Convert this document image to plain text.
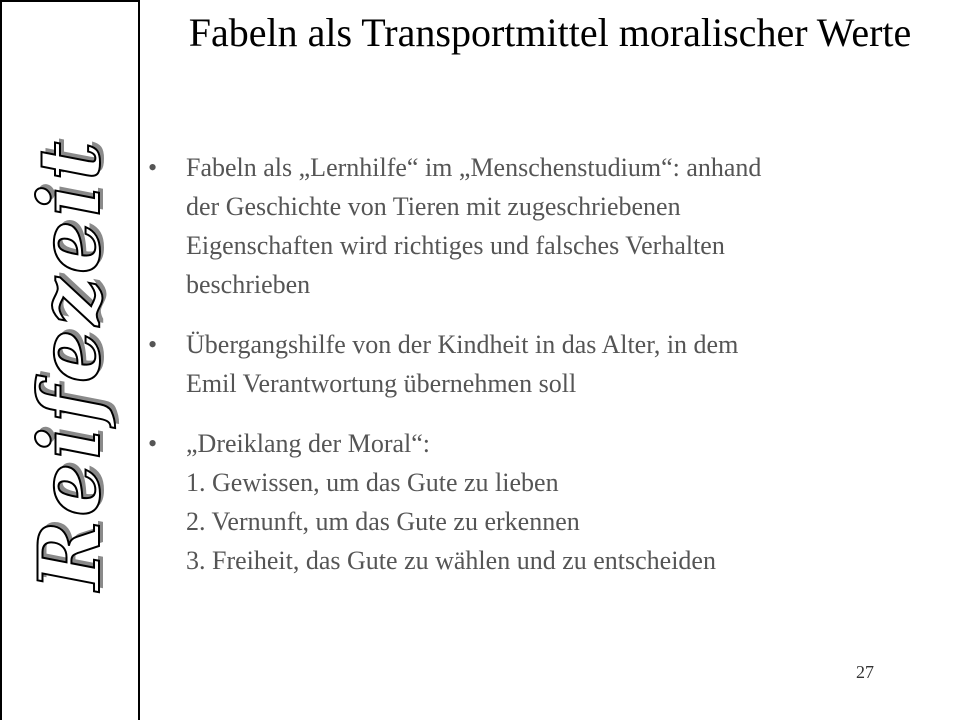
Reifezeit
Fabeln als Transportmittel moralischer Werte
• Fabeln als „Lernhilfe“ im „Menschenstudium“: anhand
der Geschichte von Tieren mit zugeschriebenen
Eigenschaften wird richtiges und falsches Verhalten
beschrieben
• Übergangshilfe von der Kindheit in das Alter, in dem
Emil Verantwortung übernehmen soll
• „Dreiklang der Moral“:
1. Gewissen, um das Gute zu lieben
2. Vernunft, um das Gute zu erkennen
3. Freiheit, das Gute zu wählen und zu entscheiden
27
